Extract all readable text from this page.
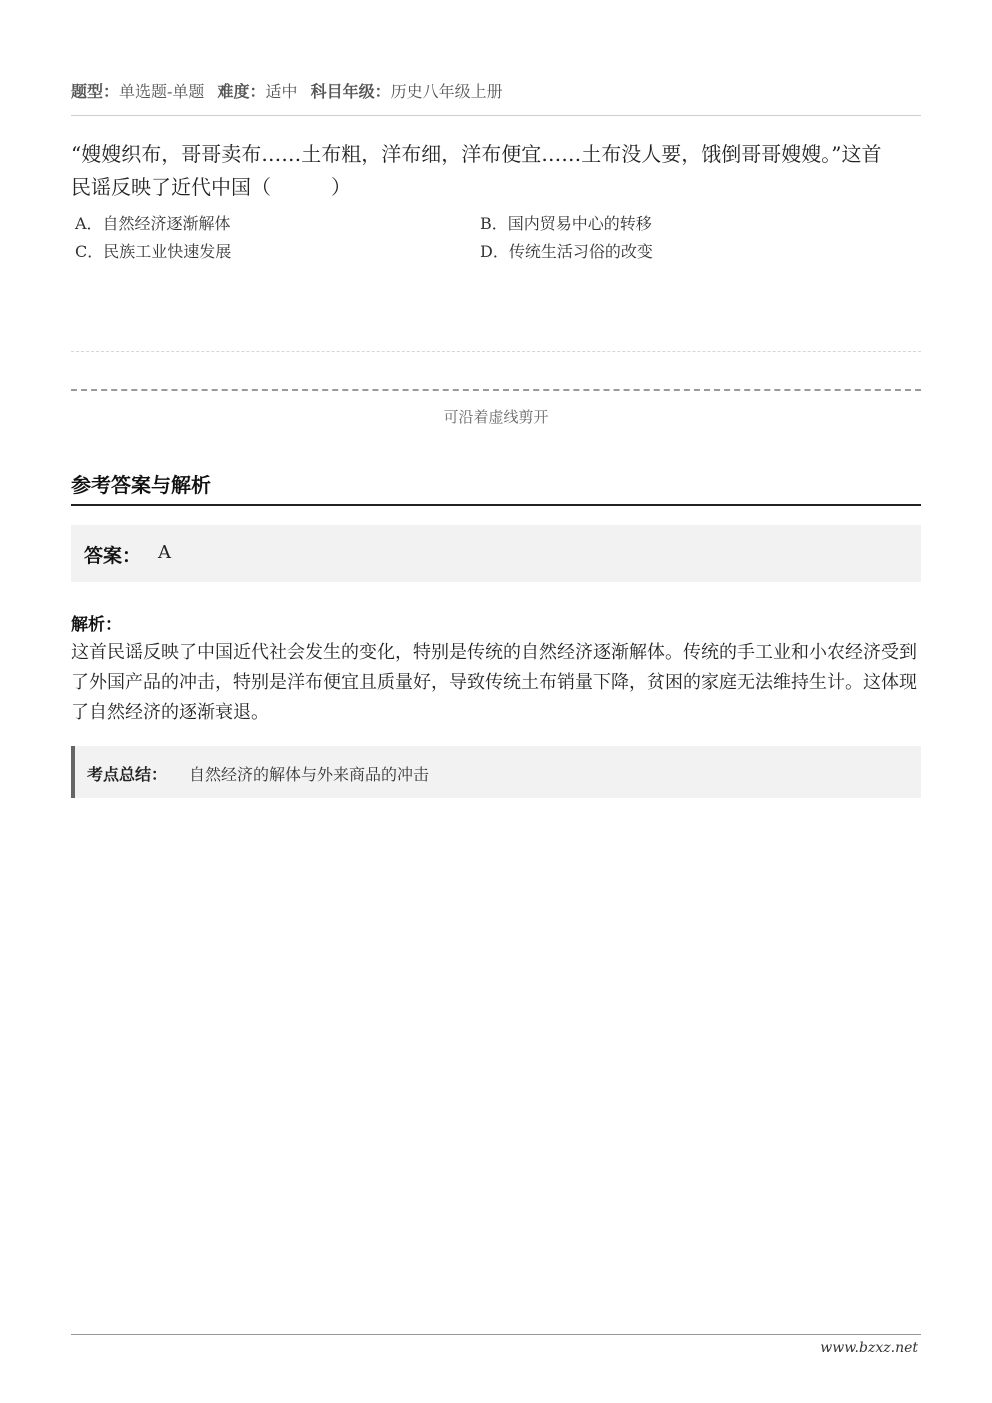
题型：单选题-单题 难度：适中 科目年级：历史八年级上册
“嫂嫂织布，哥哥卖布……土布粗，洋布细，洋布便宜……土布没人要，饿倒哥哥嫂嫂。”这首民谣反映了近代中国（　　　）
A．自然经济逐渐解体	B．国内贸易中心的转移
C．民族工业快速发展	D．传统生活习俗的改变
可沿着虚线剪开
参考答案与解析
答案： A
解析：
这首民谣反映了中国近代社会发生的变化，特别是传统的自然经济逐渐解体。传统的手工业和小农经济受到了外国产品的冲击，特别是洋布便宜且质量好，导致传统土布销量下降，贫困的家庭无法维持生计。这体现了自然经济的逐渐衰退。
考点总结： 自然经济的解体与外来商品的冲击
www.bzxz.net
